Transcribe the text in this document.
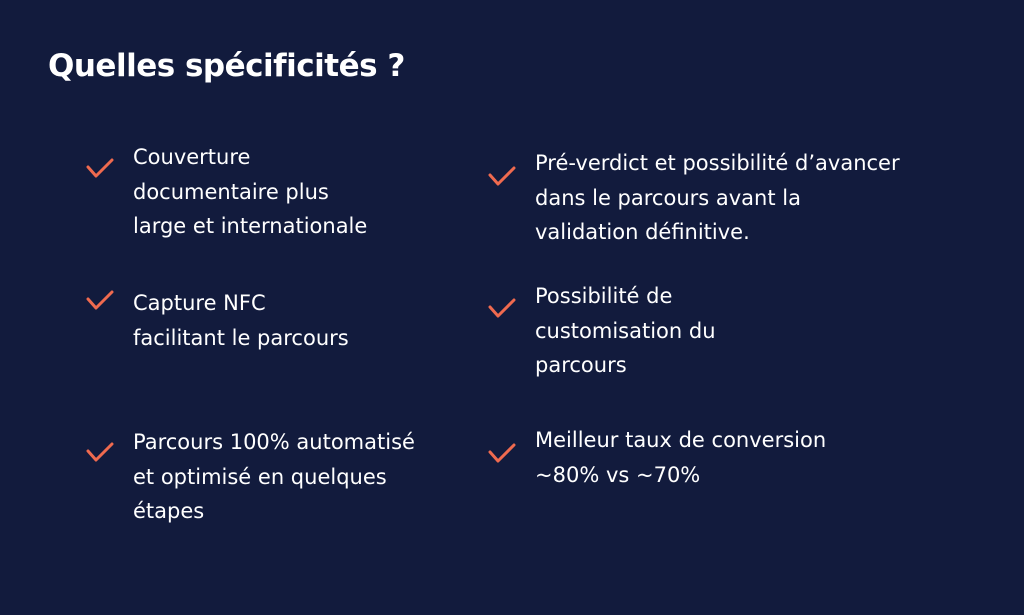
Quelles spécificités ?
Couverture
documentaire plus
large et internationale
Capture NFC
facilitant le parcours
Parcours 100% automatisé
et optimisé en quelques
étapes
Pré-verdict et possibilité d’avancer
dans le parcours avant la
validation définitive.
Possibilité de
customisation du
parcours
Meilleur taux de conversion
~80% vs ~70%
